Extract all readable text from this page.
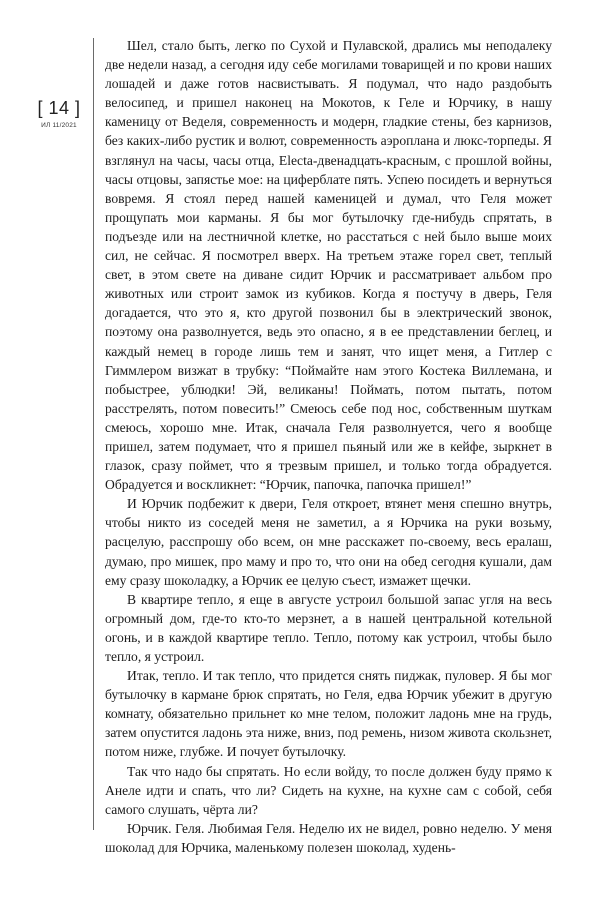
[ 14 ]
ИЛ 11/2021

Шел, стало быть, легко по Сухой и Пулавской, дрались мы неподалеку две недели назад, а сегодня иду себе могилами товарищей и по крови наших лошадей и даже готов насвистывать. Я подумал, что надо раздобыть велосипед, и пришел наконец на Мокотов, к Геле и Юрчику, в нашу каменицу от Веделя, современность и модерн, гладкие стены, без карнизов, без каких-либо рустик и волют, современность аэроплана и люкс-торпеды. Я взглянул на часы, часы отца, Electa-двенадцать-красным, с прошлой войны, часы отцовы, запястье мое: на циферблате пять. Успею посидеть и вернуться вовремя. Я стоял перед нашей каменицей и думал, что Геля может прощупать мои карманы. Я бы мог бутылочку где-нибудь спрятать, в подъезде или на лестничной клетке, но расстаться с ней было выше моих сил, не сейчас. Я посмотрел вверх. На третьем этаже горел свет, теплый свет, в этом свете на диване сидит Юрчик и рассматривает альбом про животных или строит замок из кубиков. Когда я постучу в дверь, Геля догадается, что это я, кто другой позвонил бы в электрический звонок, поэтому она разволнуется, ведь это опасно, я в ее представлении беглец, и каждый немец в городе лишь тем и занят, что ищет меня, а Гитлер с Гиммлером визжат в трубку: “Поймайте нам этого Костека Виллемана, и побыстрее, ублюдки! Эй, великаны! Поймать, потом пытать, потом расстрелять, потом повесить!” Смеюсь себе под нос, собственным шуткам смеюсь, хорошо мне. Итак, сначала Геля разволнуется, чего я вообще пришел, затем подумает, что я пришел пьяный или же в кейфе, зыркнет в глазок, сразу поймет, что я трезвым пришел, и только тогда обрадуется. Обрадуется и воскликнет: “Юрчик, папочка, папочка пришел!”

И Юрчик подбежит к двери, Геля откроет, втянет меня спешно внутрь, чтобы никто из соседей меня не заметил, а я Юрчика на руки возьму, расцелую, расспрошу обо всем, он мне расскажет по-своему, весь ералаш, думаю, про мишек, про маму и про то, что они на обед сегодня кушали, дам ему сразу шоколадку, а Юрчик ее целую съест, измажет щечки.

В квартире тепло, я еще в августе устроил большой запас угля на весь огромный дом, где-то кто-то мерзнет, а в нашей центральной котельной огонь, и в каждой квартире тепло. Тепло, потому как устроил, чтобы было тепло, я устроил.

Итак, тепло. И так тепло, что придется снять пиджак, пуловер. Я бы мог бутылочку в кармане брюк спрятать, но Геля, едва Юрчик убежит в другую комнату, обязательно прильнет ко мне телом, положит ладонь мне на грудь, затем опустится ладонь эта ниже, вниз, под ремень, низом живота скользнет, потом ниже, глубже. И почует бутылочку.

Так что надо бы спрятать. Но если войду, то после должен буду прямо к Анеле идти и спать, что ли? Сидеть на кухне, на кухне сам с собой, себя самого слушать, чёрта ли?

Юрчик. Геля. Любимая Геля. Неделю их не видел, ровно неделю. У меня шоколад для Юрчика, маленькому полезен шоколад, худень-
